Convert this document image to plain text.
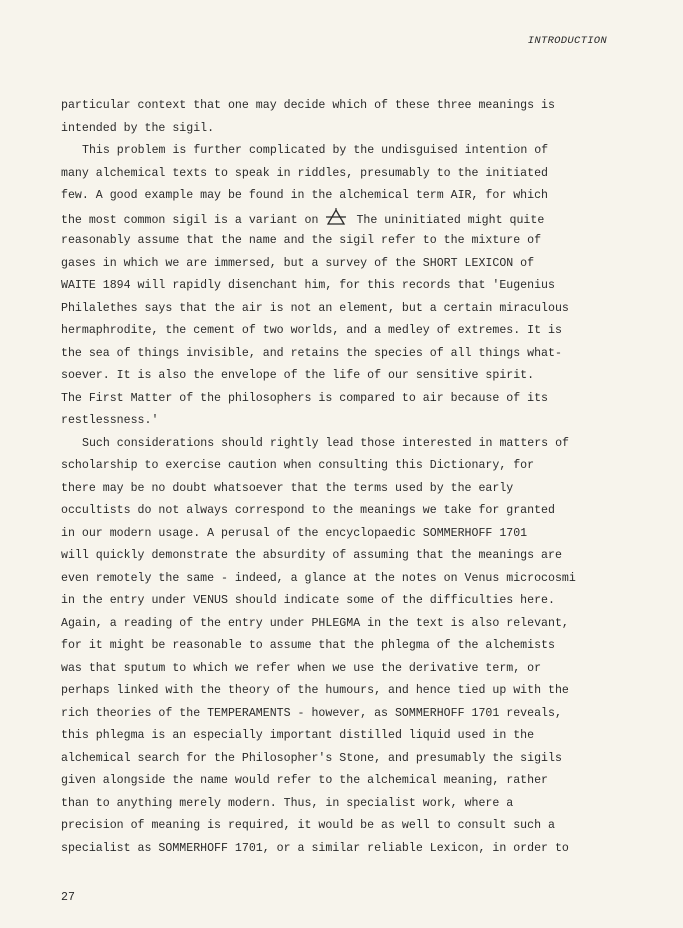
INTRODUCTION
particular context that one may decide which of these three meanings is
intended by the sigil.
This problem is further complicated by the undisguised intention of
many alchemical texts to speak in riddles, presumably to the initiated
few. A good example may be found in the alchemical term AIR, for which
the most common sigil is a variant on	The uninitiated might quite
reasonably assume that the name and the sigil refer to the mixture of
gases in which we are immersed, but a survey of the SHORT LEXICON of
WAITE 1894 will rapidly disenchant him, for this records that 'Eugenius
Philalethes says that the air is not an element, but a certain miraculous
hermaphrodite, the cement of two worlds, and a medley of extremes. It is
the sea of things invisible, and retains the species of all things what-
soever. It is also the envelope of the life of our sensitive spirit.
The First Matter of the philosophers is compared to air because of its
restlessness.'
Such considerations should rightly lead those interested in matters of
scholarship to exercise caution when consulting this Dictionary, for
there may be no doubt whatsoever that the terms used by the early
occultists do not always correspond to the meanings we take for granted
in our modern usage. A perusal of the encyclopaedic SOMMERHOFF 1701
will quickly demonstrate the absurdity of assuming that the meanings are
even remotely the same - indeed, a glance at the notes on Venus microcosmi
in the entry under VENUS should indicate some of the difficulties here.
Again, a reading of the entry under PHLEGMA in the text is also relevant,
for it might be reasonable to assume that the phlegma of the alchemists
was that sputum to which we refer when we use the derivative term, or
perhaps linked with the theory of the humours, and hence tied up with the
rich theories of the TEMPERAMENTS - however, as SOMMERHOFF 1701 reveals,
this phlegma is an especially important distilled liquid used in the
alchemical search for the Philosopher's Stone, and presumably the sigils
given alongside the name would refer to the alchemical meaning, rather
than to anything merely modern. Thus, in specialist work, where a
precision of meaning is required, it would be as well to consult such a
specialist as SOMMERHOFF 1701, or a similar reliable Lexicon, in order to
27
